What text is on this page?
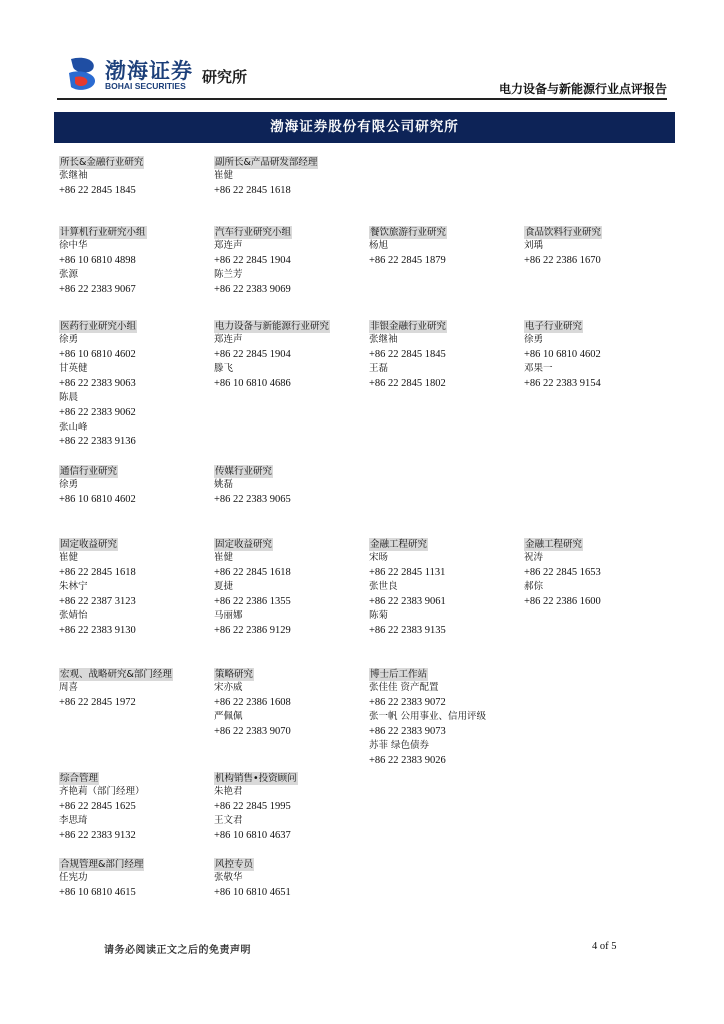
渤海证券
BOHAI SECURITIES 研究所
电力设备与新能源行业点评报告
渤海证券股份有限公司研究所
所长&金融行业研究
张继袖
+86 22 2845 1845
副所长&产品研发部经理
崔健
+86 22 2845 1618
计算机行业研究小组
徐中华
+86 10 6810 4898
张源
+86 22 2383 9067
汽车行业研究小组
郑连声
+86 22 2845 1904
陈兰芳
+86 22 2383 9069
餐饮旅游行业研究
杨旭
+86 22 2845 1879
食品饮料行业研究
刘瑀
+86 22 2386 1670
医药行业研究小组
徐勇
+86 10 6810 4602
甘英健
+86 22 2383 9063
陈晨
+86 22 2383 9062
张山峰
+86 22 2383 9136
电力设备与新能源行业研究
郑连声
+86 22 2845 1904
滕飞
+86 10 6810 4686
非银金融行业研究
张继袖
+86 22 2845 1845
王磊
+86 22 2845 1802
电子行业研究
徐勇
+86 10 6810 4602
邓果一
+86 22 2383 9154
通信行业研究
徐勇
+86 10 6810 4602
传媒行业研究
姚磊
+86 22 2383 9065
固定收益研究
崔健
+86 22 2845 1618
朱林宁
+86 22 2387 3123
张婧怡
+86 22 2383 9130
固定收益研究
崔健
+86 22 2845 1618
夏捷
+86 22 2386 1355
马丽娜
+86 22 2386 9129
金融工程研究
宋旸
+86 22 2845 1131
张世良
+86 22 2383 9061
陈菊
+86 22 2383 9135
金融工程研究
祝涛
+86 22 2845 1653
郝倧
+86 22 2386 1600
宏观、战略研究&部门经理
周喜
+86 22 2845 1972
策略研究
宋亦威
+86 22 2386 1608
严佩佩
+86 22 2383 9070
博士后工作站
张佳佳 资产配置
+86 22 2383 9072
张一帆 公用事业、信用评级
+86 22 2383 9073
苏菲 绿色债券
+86 22 2383 9026
综合管理
齐艳莉（部门经理）
+86 22 2845 1625
李思琦
+86 22 2383 9132
机构销售•投资顾问
朱艳君
+86 22 2845 1995
王文君
+86 10 6810 4637
合规管理&部门经理
任宪功
+86 10 6810 4615
风控专员
张敬华
+86 10 6810 4651
请务必阅读正文之后的免责声明	4 of 5
